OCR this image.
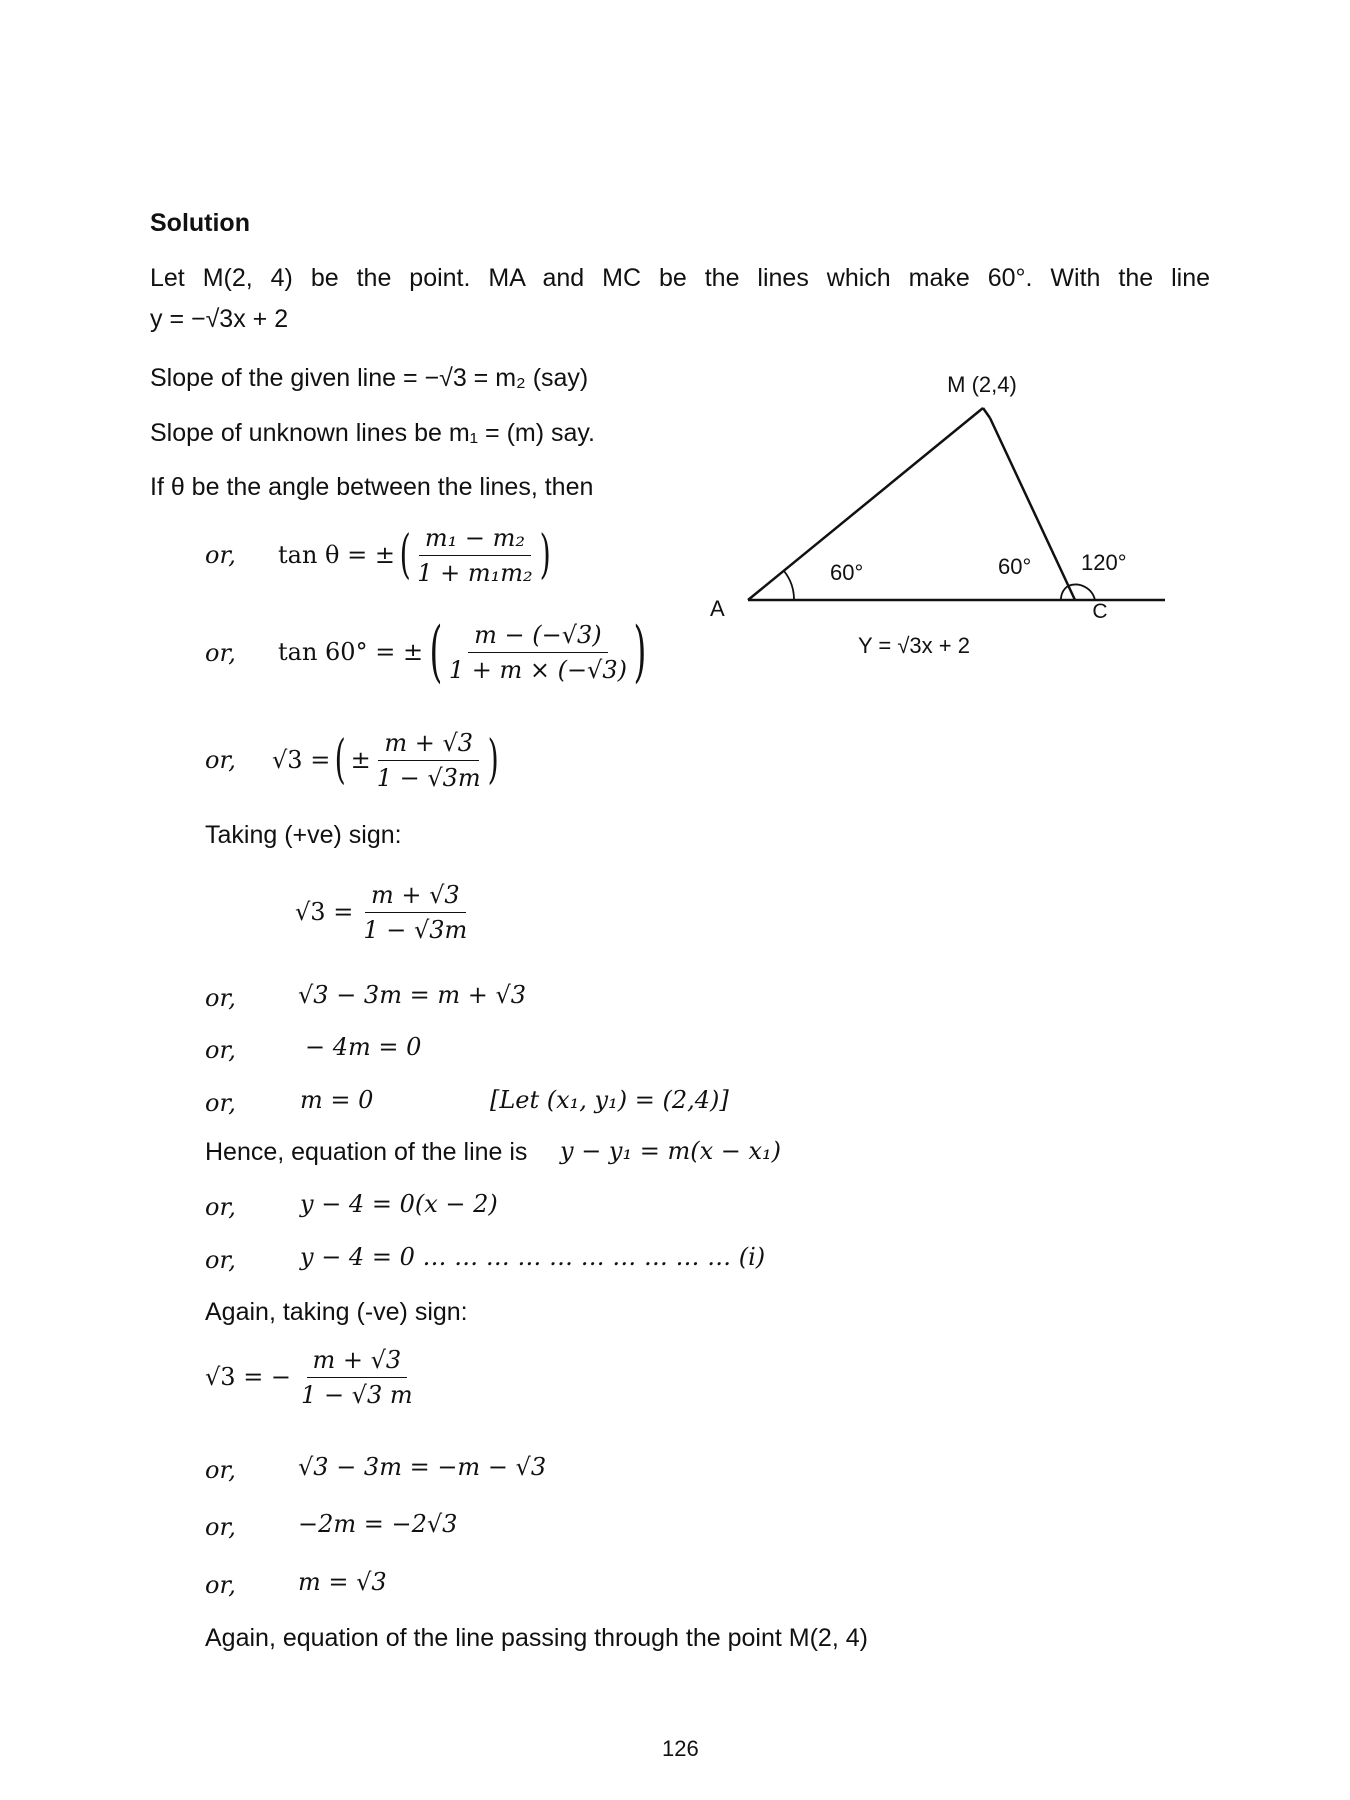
Solution
Let M(2, 4) be the point. MA and MC be the lines which make 60°. With the line
y = −√3x + 2
Slope of the given line = −√3 = m₂ (say)
Slope of unknown lines be m₁ = (m) say.
If θ be the angle between the lines, then
or, tan θ = ± ( $\frac{\text{m₁ − m₂}}{\text{1 + m₁m₂}}$ )
or, tan 60° = ± ( $\frac{m - (-√3)}{1 + m \times (-√3)}$ )
or, √3 = ( ± $\frac{m + √3}{1 - √3m}$ )
Taking (+ve) sign:
$√3 = \frac{m + √3}{1 - √3m}$
or,	√3 − 3m = m + √3
or,	− 4m = 0
or,	m = 0	[Let (x₁, y₁) = (2,4)]
Hence, equation of the line is y − y₁ = m(x − x₁)
or,	y − 4 = 0(x − 2)
or,	y − 4 = 0 … … … … … … … … … … (i)
Again, taking (-ve) sign:
√3 = − $\frac{m + √3}{1 - √3 m}$
or,	√3 − 3m = −m − √3
or,	−2m = −2√3
or,	m = √3
Again, equation of the line passing through the point M(2, 4)
M (2,4)
A	C
60°	60° 120°
Y = √3x + 2
126
